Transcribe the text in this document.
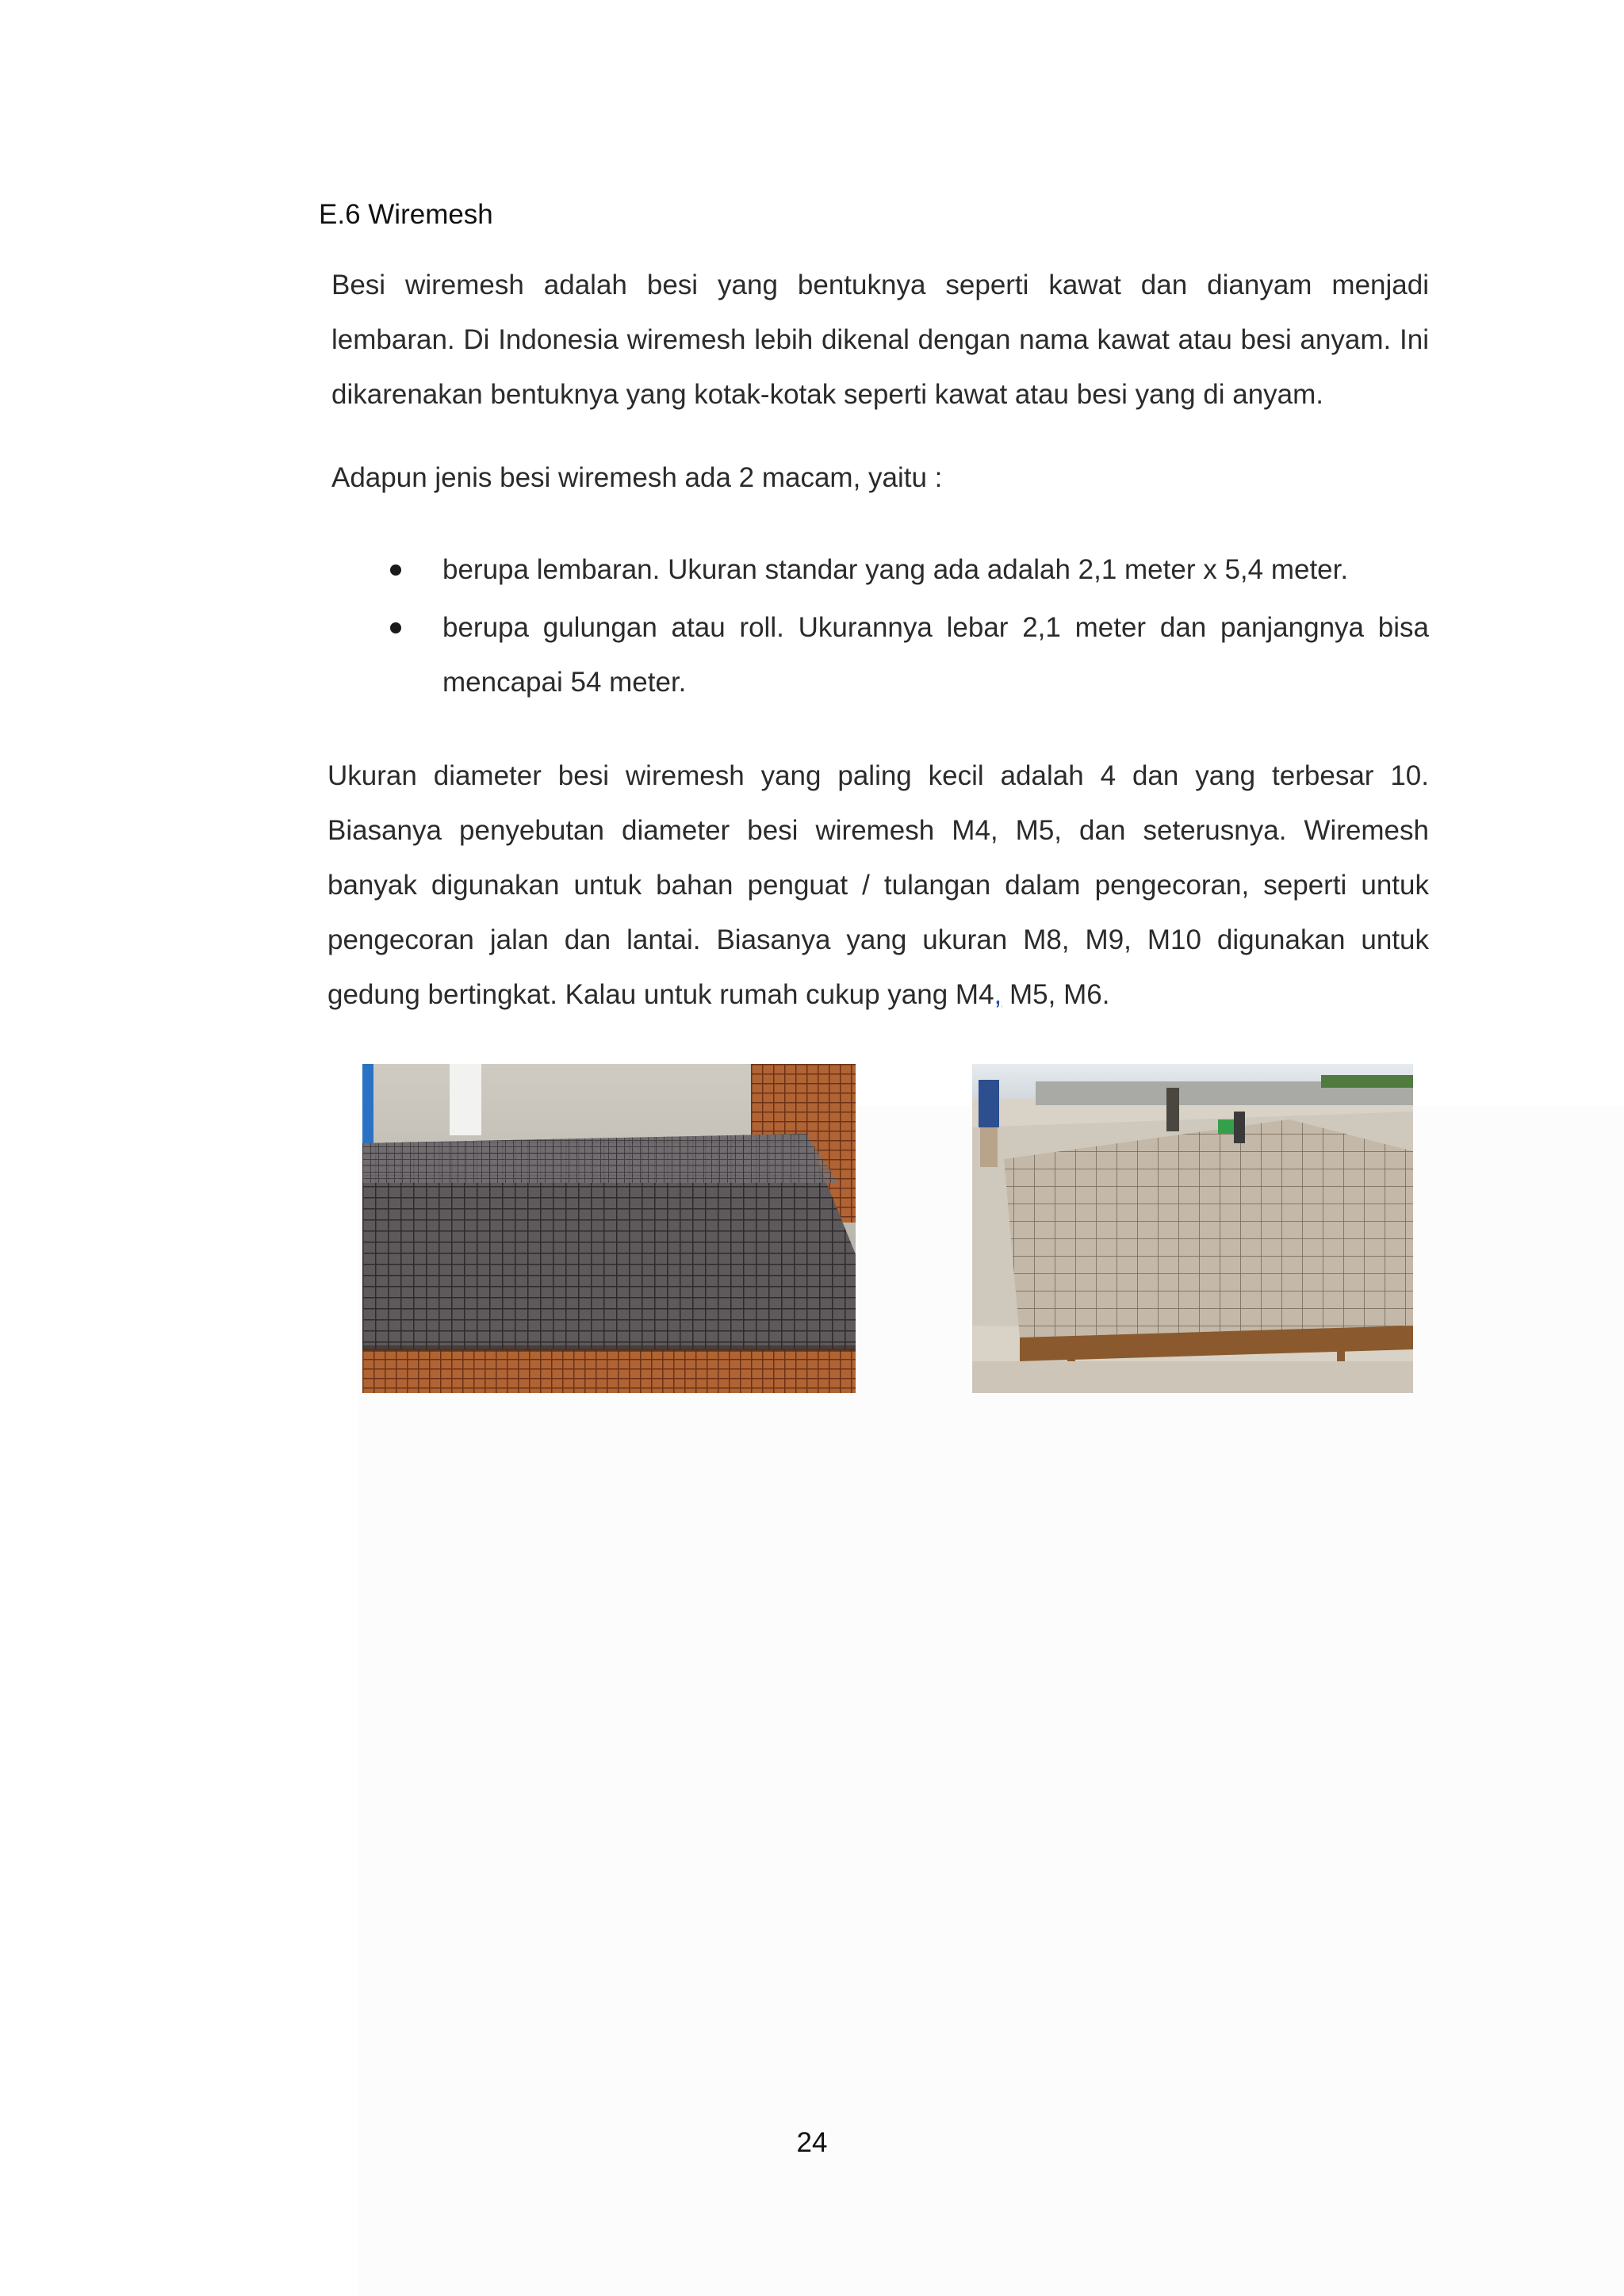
E.6 Wiremesh

Besi wiremesh adalah besi yang bentuknya seperti kawat dan dianyam menjadi lembaran. Di Indonesia wiremesh lebih dikenal dengan nama kawat atau besi anyam. Ini dikarenakan bentuknya yang kotak-kotak seperti kawat atau besi yang di anyam.

Adapun jenis besi wiremesh ada 2 macam, yaitu :

berupa lembaran. Ukuran standar yang ada adalah 2,1 meter x 5,4 meter.
berupa gulungan atau roll. Ukurannya lebar 2,1 meter dan panjangnya bisa mencapai 54 meter.

Ukuran diameter besi wiremesh yang paling kecil adalah 4 dan yang terbesar 10. Biasanya penyebutan diameter besi wiremesh M4, M5, dan seterusnya. Wiremesh banyak digunakan untuk bahan penguat / tulangan dalam pengecoran, seperti untuk pengecoran jalan dan lantai. Biasanya yang ukuran M8, M9, M10 digunakan untuk gedung bertingkat. Kalau untuk rumah cukup yang M4, M5, M6.

24
